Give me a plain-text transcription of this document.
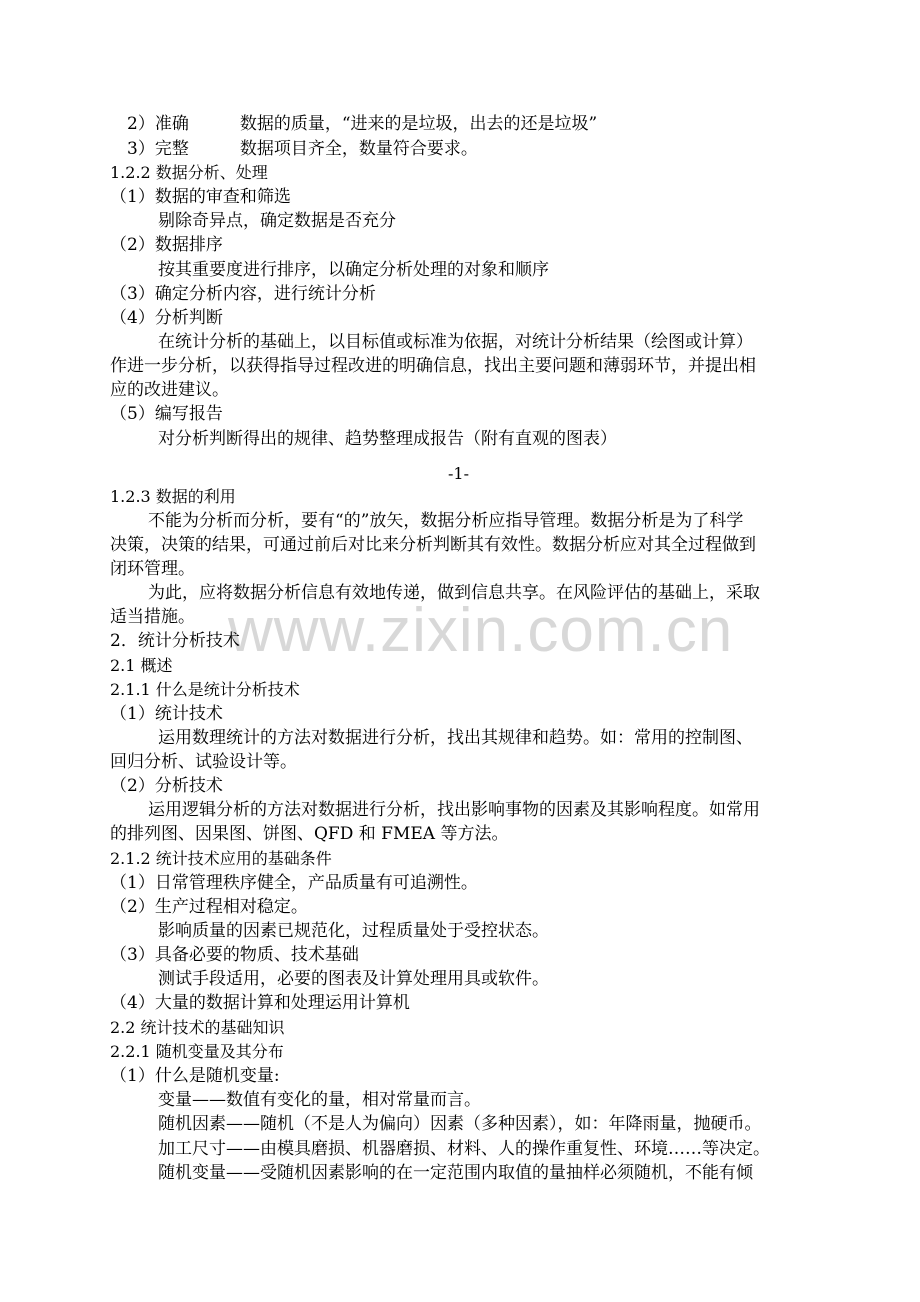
www.zixin.com.cn
2）准确　　　数据的质量，“进来的是垃圾，出去的还是垃圾”
3）完整　　　数据项目齐全，数量符合要求。
1.2.2 数据分析、处理
（1）数据的审查和筛选
剔除奇异点，确定数据是否充分
（2）数据排序
按其重要度进行排序，以确定分析处理的对象和顺序
（3）确定分析内容，进行统计分析
（4）分析判断
在统计分析的基础上，以目标值或标准为依据，对统计分析结果（绘图或计算）
作进一步分析，以获得指导过程改进的明确信息，找出主要问题和薄弱环节，并提出相
应的改进建议。
（5）编写报告
对分析判断得出的规律、趋势整理成报告（附有直观的图表）
-1-
1.2.3 数据的利用
不能为分析而分析，要有“的”放矢，数据分析应指导管理。数据分析是为了科学
决策，决策的结果，可通过前后对比来分析判断其有效性。数据分析应对其全过程做到
闭环管理。
为此，应将数据分析信息有效地传递，做到信息共享。在风险评估的基础上，采取
适当措施。
2．统计分析技术
2.1 概述
2.1.1 什么是统计分析技术
（1）统计技术
运用数理统计的方法对数据进行分析，找出其规律和趋势。如：常用的控制图、
回归分析、试验设计等。
（2）分析技术
运用逻辑分析的方法对数据进行分析，找出影响事物的因素及其影响程度。如常用
的排列图、因果图、饼图、QFD 和 FMEA 等方法。
2.1.2 统计技术应用的基础条件
（1）日常管理秩序健全，产品质量有可追溯性。
（2）生产过程相对稳定。
影响质量的因素已规范化，过程质量处于受控状态。
（3）具备必要的物质、技术基础
测试手段适用，必要的图表及计算处理用具或软件。
（4）大量的数据计算和处理运用计算机
2.2 统计技术的基础知识
2.2.1 随机变量及其分布
（1）什么是随机变量:
变量——数值有变化的量，相对常量而言。
随机因素——随机（不是人为偏向）因素（多种因素），如：年降雨量，抛硬币。
加工尺寸——由模具磨损、机器磨损、材料、人的操作重复性、环境……等决定。
随机变量——受随机因素影响的在一定范围内取值的量抽样必须随机，不能有倾
